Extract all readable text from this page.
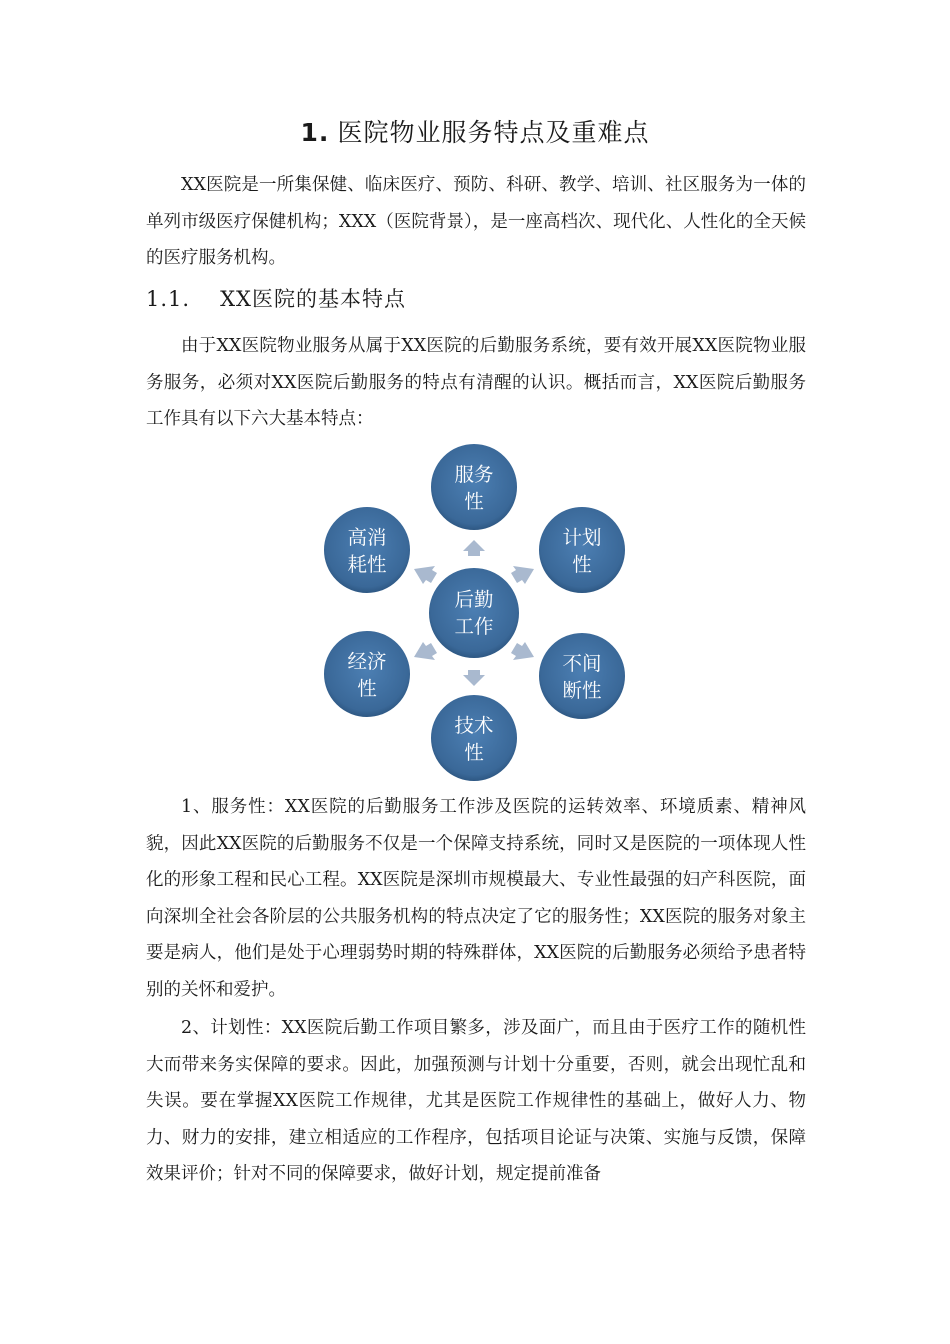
1. 医院物业服务特点及重难点

XX医院是一所集保健、临床医疗、预防、科研、教学、培训、社区服务为一体的单列市级医疗保健机构；XXX（医院背景），是一座高档次、现代化、人性化的全天候的医疗服务机构。

1.1. XX医院的基本特点

由于XX医院物业服务从属于XX医院的后勤服务系统，要有效开展XX医院物业服务服务，必须对XX医院后勤服务的特点有清醒的认识。概括而言，XX医院后勤服务工作具有以下六大基本特点：

后勤
工作
服务
性
计划
性
不间
断性
技术
性
经济
性
高消
耗性

1、服务性：XX医院的后勤服务工作涉及医院的运转效率、环境质素、精神风貌，因此XX医院的后勤服务不仅是一个保障支持系统，同时又是医院的一项体现人性化的形象工程和民心工程。XX医院是深圳市规模最大、专业性最强的妇产科医院，面向深圳全社会各阶层的公共服务机构的特点决定了它的服务性；XX医院的服务对象主要是病人，他们是处于心理弱势时期的特殊群体，XX医院的后勤服务必须给予患者特别的关怀和爱护。

2、计划性：XX医院后勤工作项目繁多，涉及面广，而且由于医疗工作的随机性大而带来务实保障的要求。因此，加强预测与计划十分重要，否则，就会出现忙乱和失误。要在掌握XX医院工作规律，尤其是医院工作规律性的基础上，做好人力、物力、财力的安排，建立相适应的工作程序，包括项目论证与决策、实施与反馈，保障效果评价；针对不同的保障要求，做好计划，规定提前准备
